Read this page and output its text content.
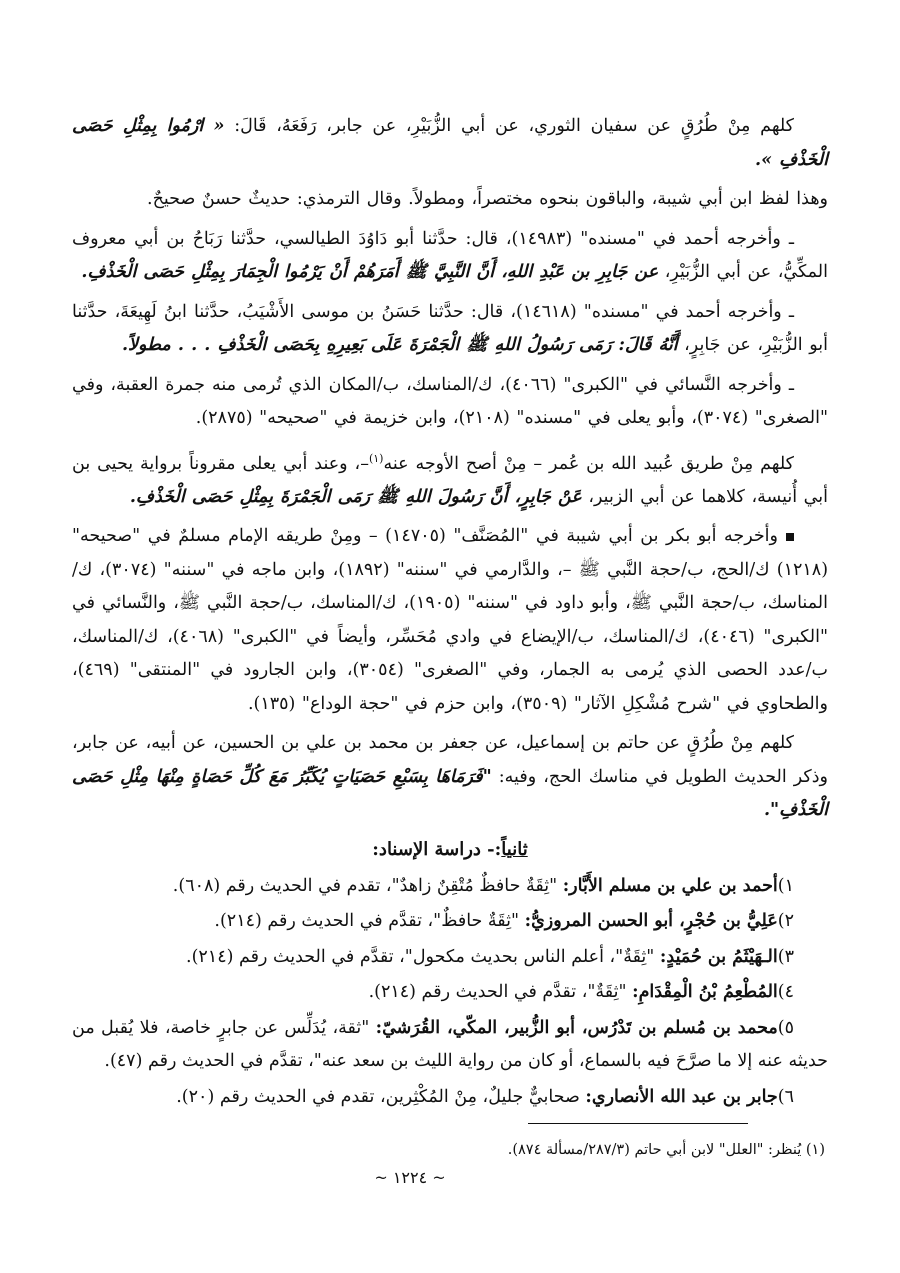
كلهم مِنْ طُرُقٍ عن سفيان الثوري، عن أبي الزُّبَيْرِ، عن جابر، رَفَعَهُ، قَالَ: « ارْمُوا بِمِثْلِ حَصَى الْخَذْفِ ».

وهذا لفظ ابن أبي شيبة، والباقون بنحوه مختصراً، ومطولاً. وقال الترمذي: حديثٌ حسنٌ صحيحٌ.

ـ وأخرجه أحمد في "مسنده" (١٤٩٨٣)، قال: حدَّثنا أبو دَاوُدَ الطيالسي، حدَّثنا رَبَاحُ بن أبي معروف المكِّيُّ، عن أبي الزُّبَيْرِ، عن جَابِرِ بن عَبْدِ اللهِ، أَنَّ النَّبِيَّ ﷺ أَمَرَهُمْ أَنْ يَرْمُوا الْجِمَارَ بِمِثْلِ حَصَى الْخَذْفِ.

ـ وأخرجه أحمد في "مسنده" (١٤٦١٨)، قال: حدَّثنا حَسَنُ بن موسى الأَشْيَبُ، حدَّثنا ابنُ لَهِيعَةَ، حدَّثنا أبو الزُّبَيْرِ، عن جَابِرٍ، أَنَّهُ قَالَ: رَمَى رَسُولُ اللهِ ﷺ الْجَمْرَةَ عَلَى بَعِيرِهِ بِحَصَى الْخَذْفِ . . . مطولاً.

ـ وأخرجه النَّسائي في "الكبرى" (٤٠٦٦)، ك/المناسك، ب/المكان الذي تُرمى منه جمرة العقبة، وفي "الصغرى" (٣٠٧٤)، وأبو يعلى في "مسنده" (٢١٠٨)، وابن خزيمة في "صحيحه" (٢٨٧٥).

كلهم مِنْ طريق عُبيد الله بن عُمر – مِنْ أصح الأوجه عنه$^{(١)}$–، وعند أبي يعلى مقروناً برواية يحيى بن أبي أُنيسة، كلاهما عن أبي الزبير، عَنْ جَابِرٍ، أَنَّ رَسُولَ اللهِ ﷺ رَمَى الْجَمْرَةَ بِمِثْلِ حَصَى الْخَذْفِ.

وأخرجه أبو بكر بن أبي شيبة في "المُصَنَّف" (١٤٧٠٥) – ومِنْ طريقه الإمام مسلمٌ في "صحيحه" (١٢١٨) ك/الحج، ب/حجة النَّبي ﷺ –، والدَّارمي في "سننه" (١٨٩٢)، وابن ماجه في "سننه" (٣٠٧٤)، ك/المناسك، ب/حجة النَّبي ﷺ، وأبو داود في "سننه" (١٩٠٥)، ك/المناسك، ب/حجة النَّبي ﷺ، والنَّسائي في "الكبرى" (٤٠٤٦)، ك/المناسك، ب/الإيضاع في وادي مُحَسِّر، وأيضاً في "الكبرى" (٤٠٦٨)، ك/المناسك، ب/عدد الحصى الذي يُرمى به الجمار، وفي "الصغرى" (٣٠٥٤)، وابن الجارود في "المنتقى" (٤٦٩)، والطحاوي في "شرح مُشْكِلِ الآثار" (٣٥٠٩)، وابن حزم في "حجة الوداع" (١٣٥).

كلهم مِنْ طُرُقٍ عن حاتم بن إسماعيل، عن جعفر بن محمد بن علي بن الحسين، عن أبيه، عن جابر، وذكر الحديث الطويل في مناسك الحج، وفيه: "فَرَمَاهَا بِسَبْعِ حَصَيَاتٍ يُكَبِّرُ مَعَ كُلِّ حَصَاةٍ مِنْهَا مِثْلِ حَصَى الْخَذْفِ".

ثانياً:- دراسة الإسناد:

١)أحمد بن علي بن مسلم الأَبَّار: "ثِقَةٌ حافظٌ مُتْقِنٌ زاهدٌ"، تقدم في الحديث رقم (٦٠٨).

٢)عَلِيُّ بن حُجْرٍ، أبو الحسن المروزيُّ: "ثِقَةٌ حافظٌ"، تقدَّم في الحديث رقم (٢١٤).

٣)الـهَيْثَمُ بن حُمَيْدٍ: "ثِقَةٌ"، أعلم الناس بحديث مكحول"، تقدَّم في الحديث رقم (٢١٤).

٤)المُطْعِمُ بْنُ الْمِقْدَامِ: "ثِقَةٌ"، تقدَّم في الحديث رقم (٢١٤).

٥)محمد بن مُسلم بن تَدْرُس، أبو الزُّبير، المكّي، القُرَشيّ: "ثقة، يُدَلِّس عن جابرٍ خاصة، فلا يُقبل من حديثه عنه إلا ما صرَّحَ فيه بالسماع، أو كان من رواية الليث بن سعد عنه"، تقدَّم في الحديث رقم (٤٧).

٦)جابر بن عبد الله الأنصاري: صحابيٌّ جليلٌ، مِنْ المُكْثِرين، تقدم في الحديث رقم (٢٠).

(١) يُنظر: "العلل" لابن أبي حاتم (٢٨٧/٣/مسألة ٨٧٤).
~ ١٢٢٤ ~
